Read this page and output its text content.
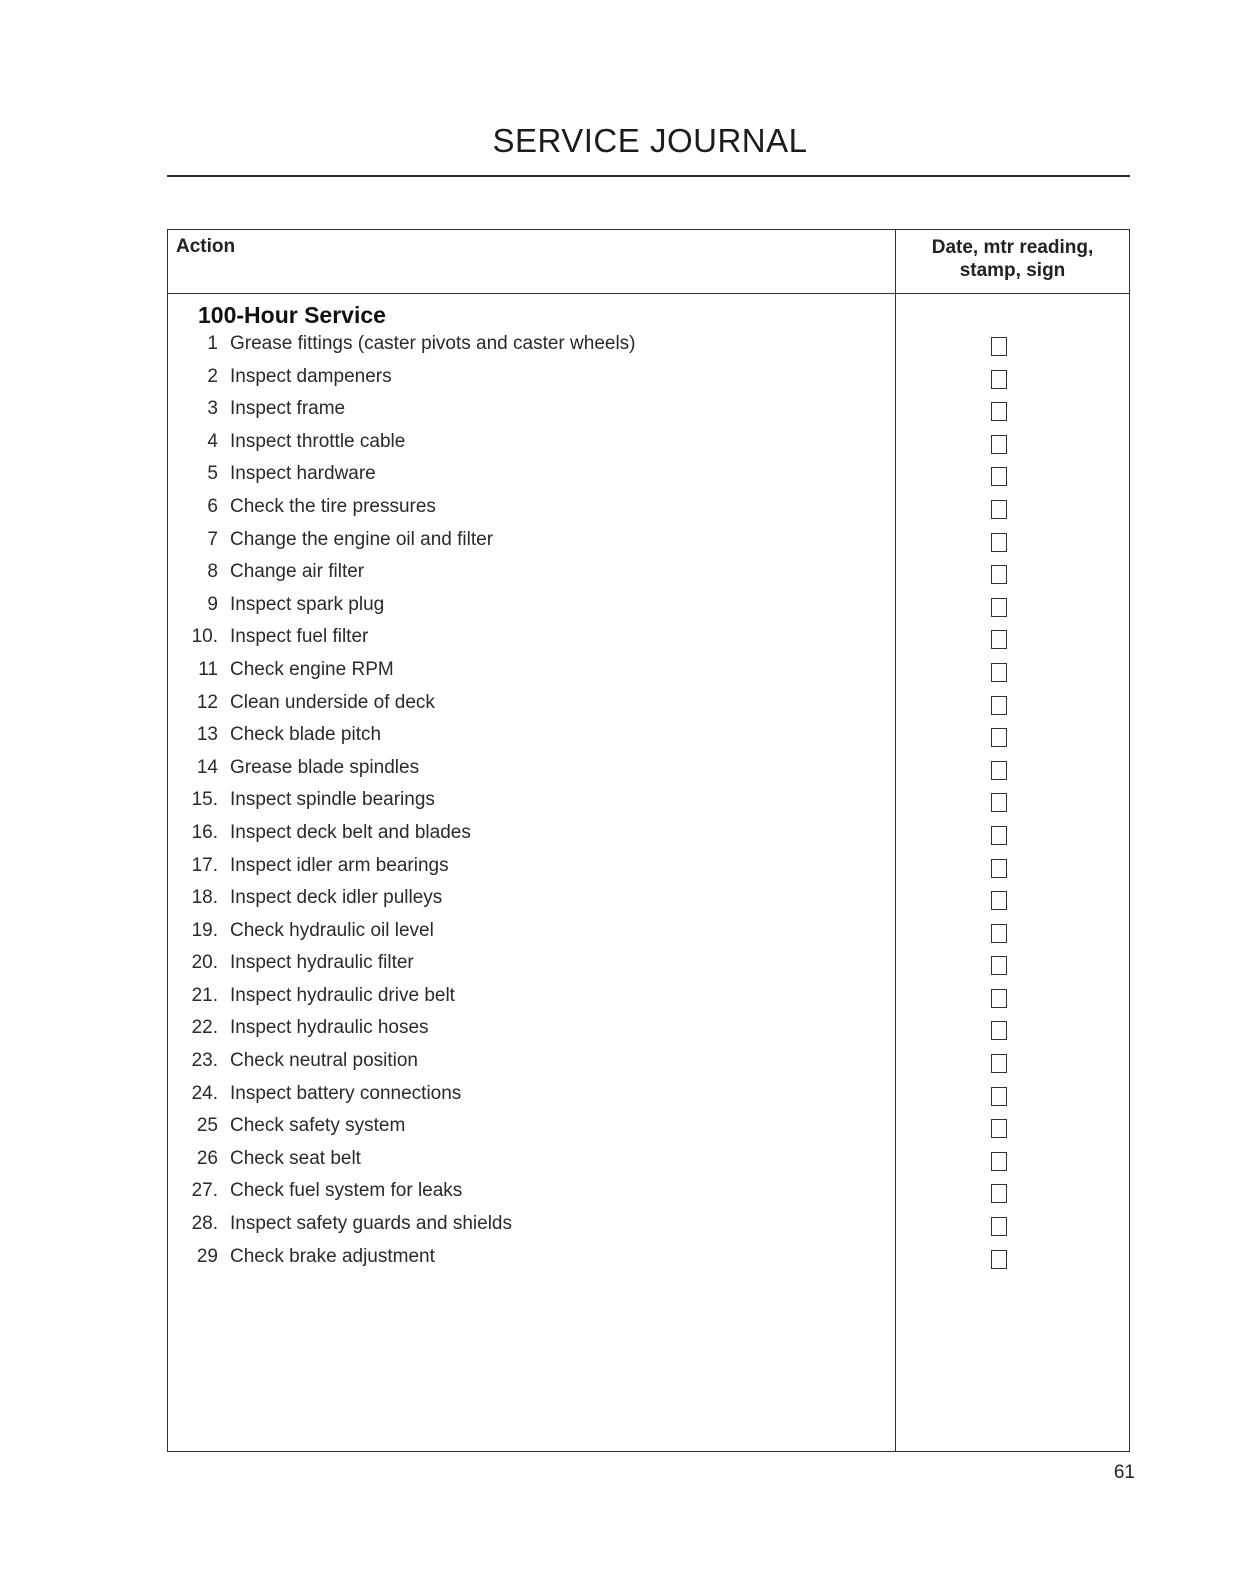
SERVICE JOURNAL
Action	Date, mtr reading,
stamp, sign
100-Hour Service
1 Grease fittings (caster pivots and caster wheels)
2 Inspect dampeners
3 Inspect frame
4 Inspect throttle cable
5 Inspect hardware
6 Check the tire pressures
7 Change the engine oil and filter
8 Change air filter
9 Inspect spark plug
10. Inspect fuel filter
11 Check engine RPM
12 Clean underside of deck
13 Check blade pitch
14 Grease blade spindles
15. Inspect spindle bearings
16. Inspect deck belt and blades
17. Inspect idler arm bearings
18. Inspect deck idler pulleys
19. Check hydraulic oil level
20. Inspect hydraulic filter
21. Inspect hydraulic drive belt
22. Inspect hydraulic hoses
23. Check neutral position
24. Inspect battery connections
25 Check safety system
26 Check seat belt
27. Check fuel system for leaks
28. Inspect safety guards and shields
29 Check brake adjustment
61
